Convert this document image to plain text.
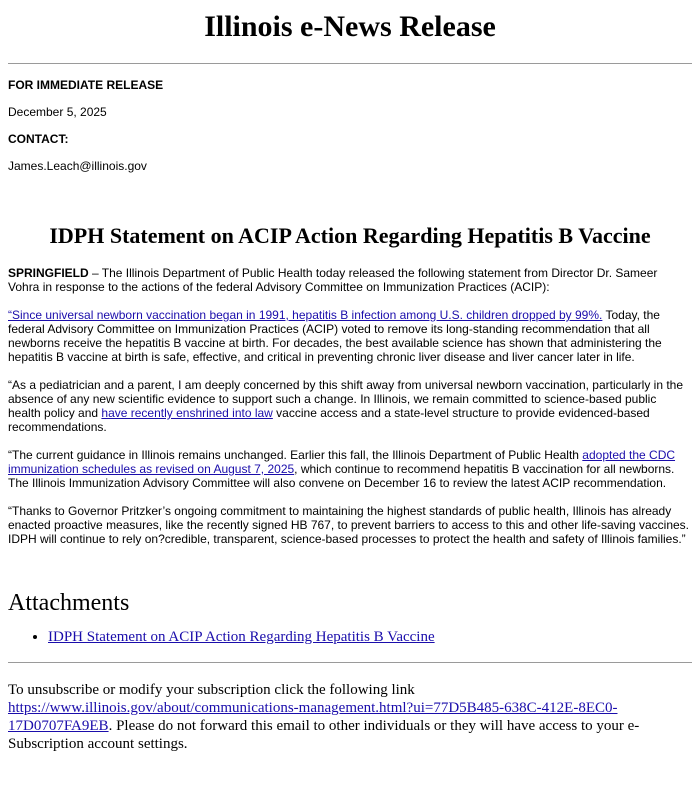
Illinois e-News Release

FOR IMMEDIATE RELEASE

December 5, 2025

CONTACT:

James.Leach@illinois.gov

IDPH Statement on ACIP Action Regarding Hepatitis B Vaccine

SPRINGFIELD – The Illinois Department of Public Health today released the following statement from Director Dr. Sameer Vohra in response to the actions of the federal Advisory Committee on Immunization Practices (ACIP):

“Since universal newborn vaccination began in 1991, hepatitis B infection among U.S. children dropped by 99%. Today, the federal Advisory Committee on Immunization Practices (ACIP) voted to remove its long-standing recommendation that all newborns receive the hepatitis B vaccine at birth. For decades, the best available science has shown that administering the hepatitis B vaccine at birth is safe, effective, and critical in preventing chronic liver disease and liver cancer later in life.

“As a pediatrician and a parent, I am deeply concerned by this shift away from universal newborn vaccination, particularly in the absence of any new scientific evidence to support such a change. In Illinois, we remain committed to science-based public health policy and have recently enshrined into law vaccine access and a state-level structure to provide evidenced-based recommendations.

“The current guidance in Illinois remains unchanged. Earlier this fall, the Illinois Department of Public Health adopted the CDC immunization schedules as revised on August 7, 2025, which continue to recommend hepatitis B vaccination for all newborns. The Illinois Immunization Advisory Committee will also convene on December 16 to review the latest ACIP recommendation.

“Thanks to Governor Pritzker’s ongoing commitment to maintaining the highest standards of public health, Illinois has already enacted proactive measures, like the recently signed HB 767, to prevent barriers to access to this and other life-saving vaccines. IDPH will continue to rely on?credible, transparent, science-based processes to protect the health and safety of Illinois families.”

Attachments
• IDPH Statement on ACIP Action Regarding Hepatitis B Vaccine

To unsubscribe or modify your subscription click the following link https://www.illinois.gov/about/communications-management.html?ui=77D5B485-638C-412E-8EC0-17D0707FA9EB. Please do not forward this email to other individuals or they will have access to your e-Subscription account settings.
